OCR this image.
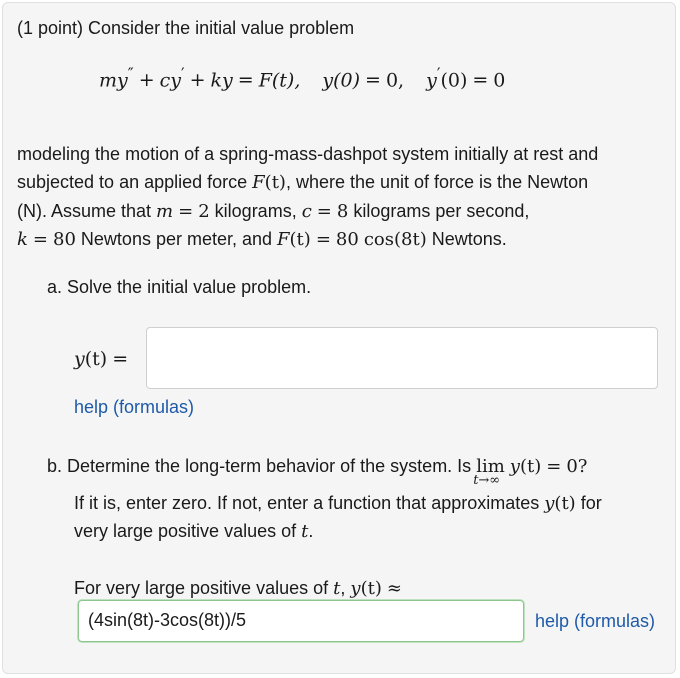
(1 point) Consider the initial value problem
my″ + cy′ + ky = F(t), y(0) = 0, y′(0) = 0
modeling the motion of a spring-mass-dashpot system initially at rest and
subjected to an applied force F(t), where the unit of force is the Newton
(N). Assume that m = 2 kilograms, c = 8 kilograms per second,
k = 80 Newtons per meter, and F(t) = 80 cos(8t) Newtons.
a. Solve the initial value problem.
y(t) =
help (formulas)
b. Determine the long-term behavior of the system. Is lim
t→∞
y(t) = 0?
If it is, enter zero. If not, enter a function that approximates y(t) for
very large positive values of t.
For very large positive values of t, y(t) ≈
(4sin(8t)-3cos(8t))/5	help (formulas)
